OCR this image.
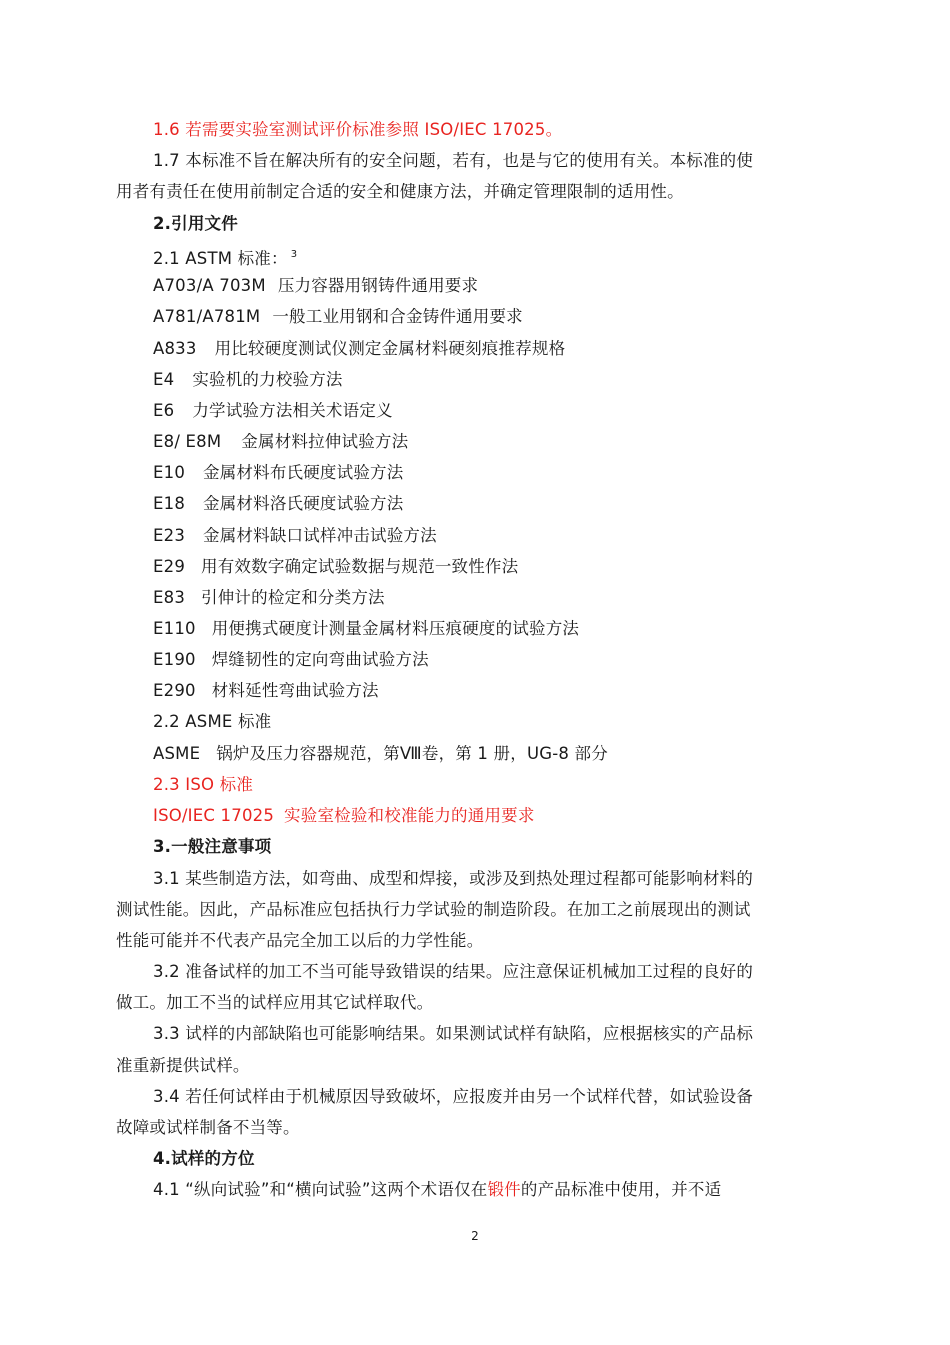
1.6 若需要实验室测试评价标准参照 ISO/IEC 17025。
1.7 本标准不旨在解决所有的安全问题，若有，也是与它的使用有关。本标准的使
用者有责任在使用前制定合适的安全和健康方法，并确定管理限制的适用性。
2.引用文件
2.1 ASTM 标准： $^3$
A703/A 703M 压力容器用钢铸件通用要求
A781/A781M 一般工业用钢和合金铸件通用要求
A833 用比较硬度测试仪测定金属材料硬刻痕推荐规格
E4 实验机的力校验方法
E6 力学试验方法相关术语定义
E8/ E8M 金属材料拉伸试验方法
E10 金属材料布氏硬度试验方法
E18 金属材料洛氏硬度试验方法
E23 金属材料缺口试样冲击试验方法
E29 用有效数字确定试验数据与规范一致性作法
E83 引伸计的检定和分类方法
E110 用便携式硬度计测量金属材料压痕硬度的试验方法
E190 焊缝韧性的定向弯曲试验方法
E290 材料延性弯曲试验方法
2.2 ASME 标准
ASME 锅炉及压力容器规范，第Ⅷ卷，第 1 册，UG-8 部分
2.3 ISO 标准
ISO/IEC 17025 实验室检验和校准能力的通用要求
3.一般注意事项
3.1 某些制造方法，如弯曲、成型和焊接，或涉及到热处理过程都可能影响材料的
测试性能。因此，产品标准应包括执行力学试验的制造阶段。在加工之前展现出的测试
性能可能并不代表产品完全加工以后的力学性能。
3.2 准备试样的加工不当可能导致错误的结果。应注意保证机械加工过程的良好的
做工。加工不当的试样应用其它试样取代。
3.3 试样的内部缺陷也可能影响结果。如果测试试样有缺陷，应根据核实的产品标
准重新提供试样。
3.4 若任何试样由于机械原因导致破坏，应报废并由另一个试样代替，如试验设备
故障或试样制备不当等。
4.试样的方位
4.1 “纵向试验”和“横向试验”这两个术语仅在锻件的产品标准中使用，并不适
2
